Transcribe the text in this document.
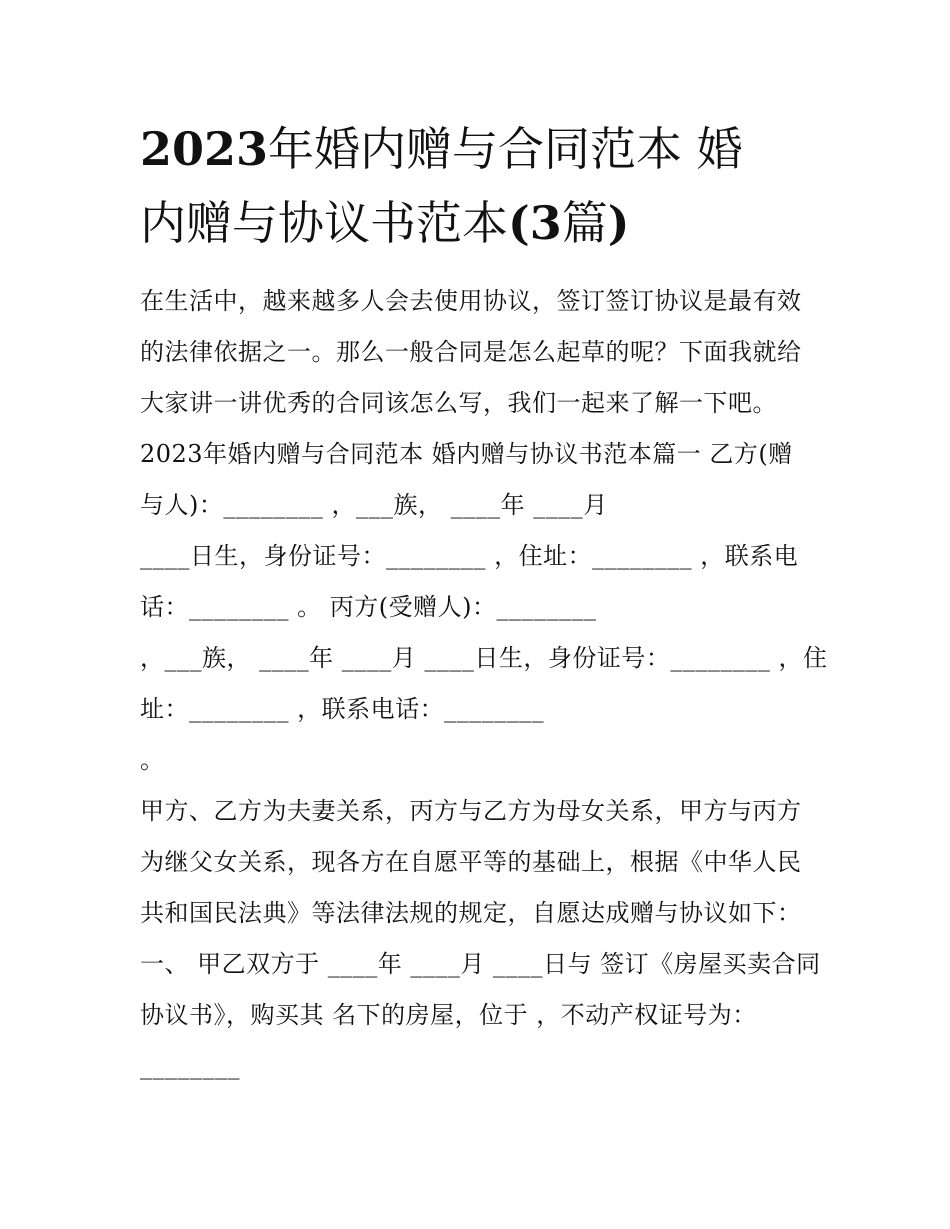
2023年婚内赠与合同范本 婚
内赠与协议书范本(3篇)

在生活中，越来越多人会去使用协议，签订签订协议是最有效

的法律依据之一。那么一般合同是怎么起草的呢？下面我就给

大家讲一讲优秀的合同该怎么写，我们一起来了解一下吧。

2023年婚内赠与合同范本 婚内赠与协议书范本篇一 乙方(赠

与人)：________ ，___族， ____年 ____月

____日生，身份证号：________ ，住址：________ ，联系电

话：________ 。 丙方(受赠人)：________

，___族， ____年 ____月 ____日生，身份证号：________ ，住

址：________ ，联系电话：________

。

甲方、乙方为夫妻关系，丙方与乙方为母女关系，甲方与丙方

为继父女关系，现各方在自愿平等的基础上，根据《中华人民

共和国民法典》等法律法规的规定，自愿达成赠与协议如下：

一、 甲乙双方于 ____年 ____月 ____日与 签订《房屋买卖合同

协议书》，购买其 名下的房屋，位于 ，不动产权证号为：

________
